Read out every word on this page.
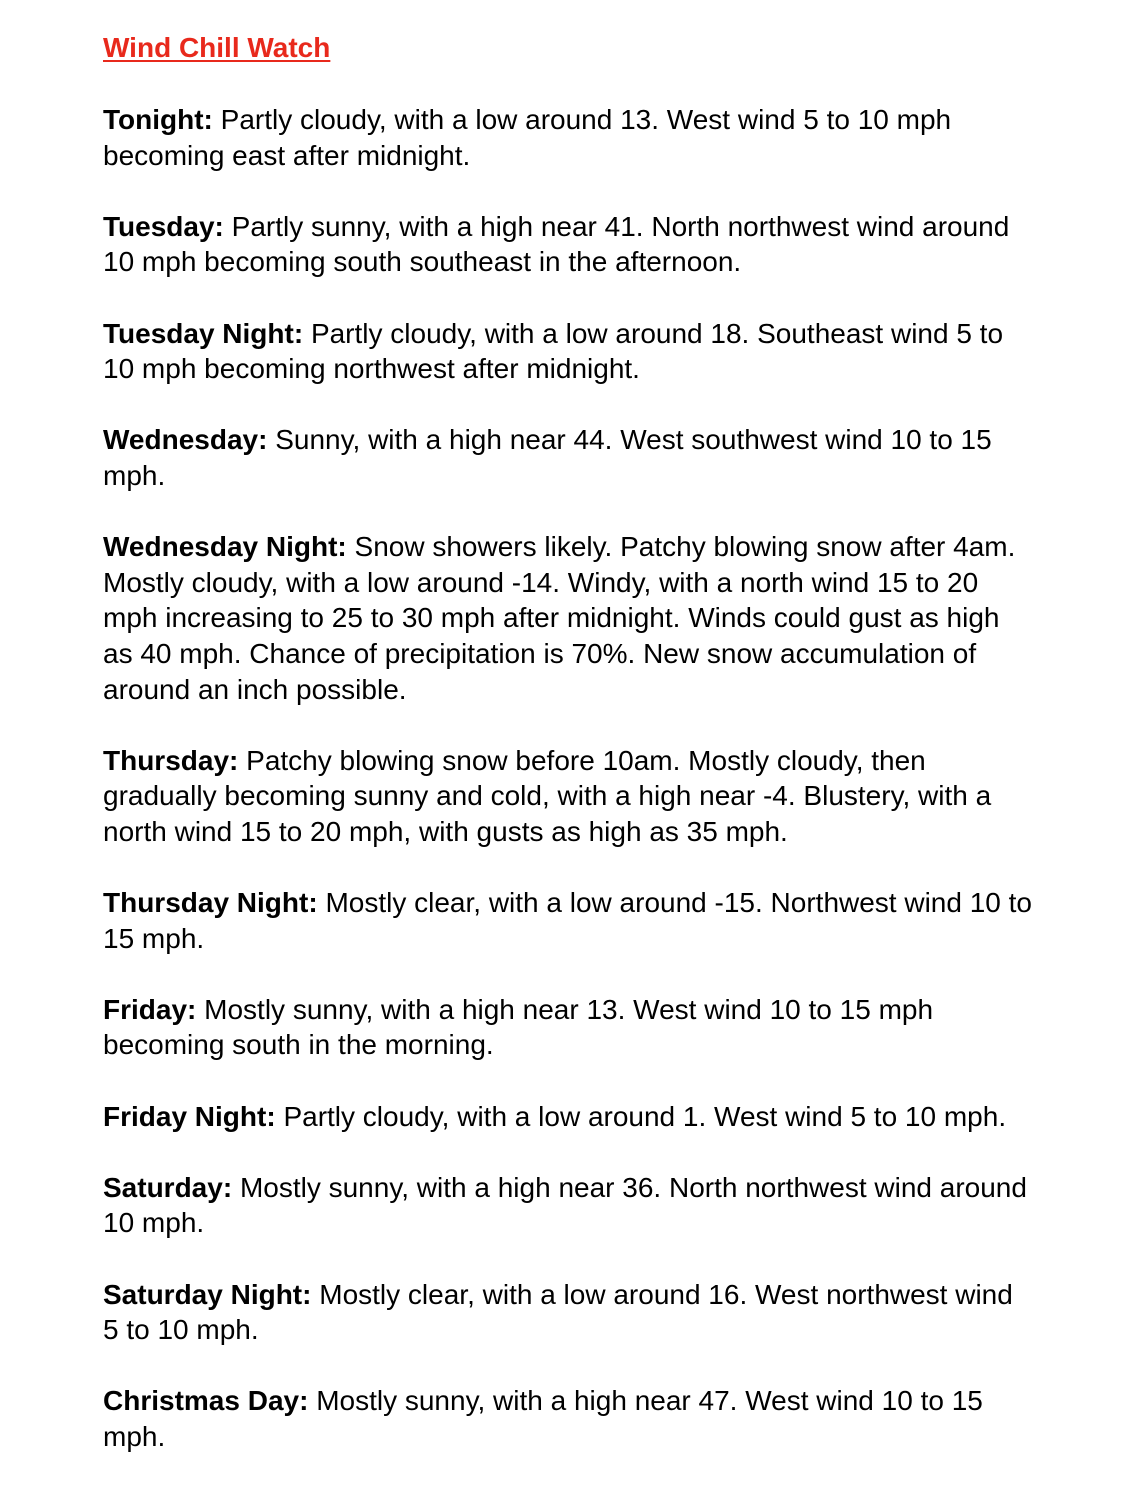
Wind Chill Watch

Tonight: Partly cloudy, with a low around 13. West wind 5 to 10 mph becoming east after midnight.

Tuesday: Partly sunny, with a high near 41. North northwest wind around 10 mph becoming south southeast in the afternoon.

Tuesday Night: Partly cloudy, with a low around 18. Southeast wind 5 to 10 mph becoming northwest after midnight.

Wednesday: Sunny, with a high near 44. West southwest wind 10 to 15 mph.

Wednesday Night: Snow showers likely. Patchy blowing snow after 4am. Mostly cloudy, with a low around -14. Windy, with a north wind 15 to 20 mph increasing to 25 to 30 mph after midnight. Winds could gust as high as 40 mph. Chance of precipitation is 70%. New snow accumulation of around an inch possible.

Thursday: Patchy blowing snow before 10am. Mostly cloudy, then gradually becoming sunny and cold, with a high near -4. Blustery, with a north wind 15 to 20 mph, with gusts as high as 35 mph.

Thursday Night: Mostly clear, with a low around -15. Northwest wind 10 to 15 mph.

Friday: Mostly sunny, with a high near 13. West wind 10 to 15 mph becoming south in the morning.

Friday Night: Partly cloudy, with a low around 1. West wind 5 to 10 mph.

Saturday: Mostly sunny, with a high near 36. North northwest wind around 10 mph.

Saturday Night: Mostly clear, with a low around 16. West northwest wind 5 to 10 mph.

Christmas Day: Mostly sunny, with a high near 47. West wind 10 to 15 mph.
